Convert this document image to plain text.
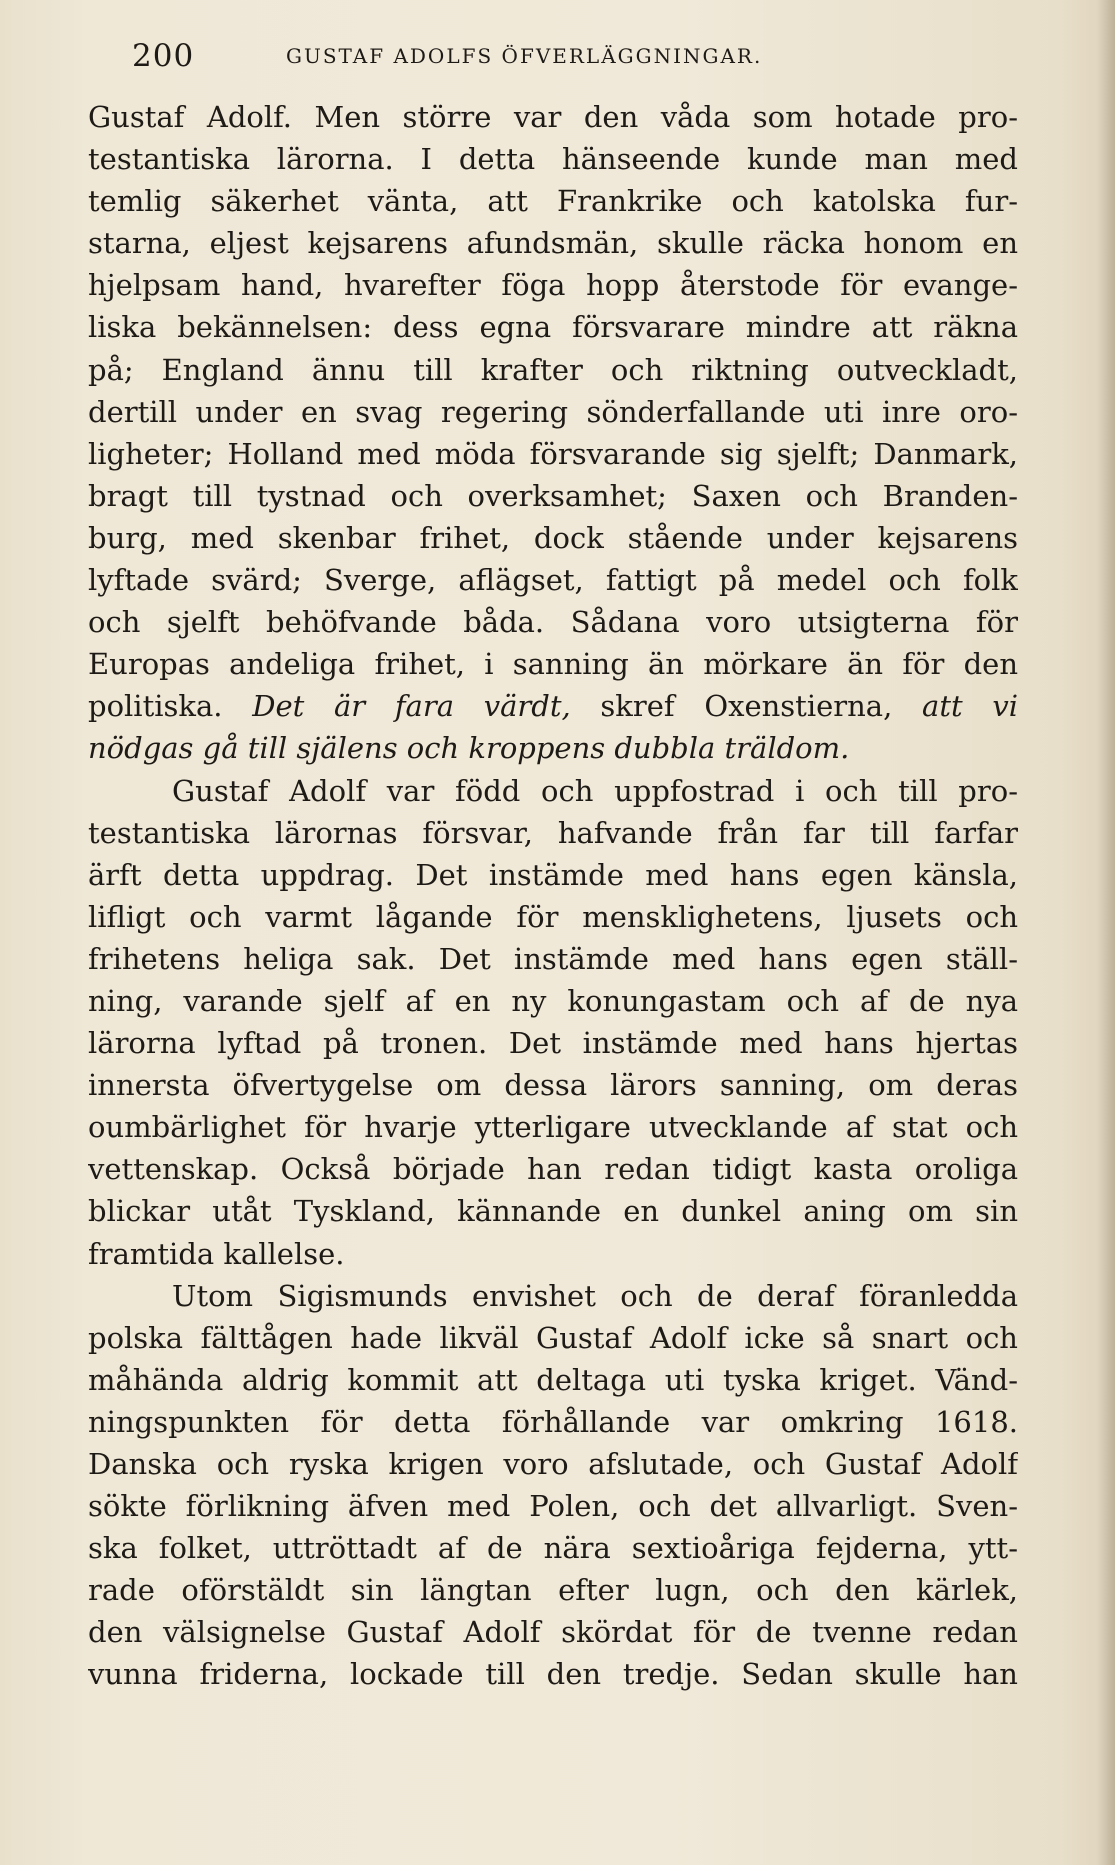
200	GUSTAF ADOLFS ÖFVERLÄGGNINGAR.
Gustaf Adolf. Men större var den våda som hotade pro-
testantiska lärorna. I detta hänseende kunde man med
temlig säkerhet vänta, att Frankrike och katolska fur-
starna, eljest kejsarens afundsmän, skulle räcka honom en
hjelpsam hand, hvarefter föga hopp återstode för evange-
liska bekännelsen: dess egna försvarare mindre att räkna
på; England ännu till krafter och riktning outveckladt,
dertill under en svag regering sönderfallande uti inre oro-
ligheter; Holland med möda försvarande sig sjelft; Danmark,
bragt till tystnad och overksamhet; Saxen och Branden-
burg, med skenbar frihet, dock stående under kejsarens
lyftade svärd; Sverge, aflägset, fattigt på medel och folk
och sjelft behöfvande båda. Sådana voro utsigterna för
Europas andeliga frihet, i sanning än mörkare än för den
politiska. Det är fara värdt, skref Oxenstierna, att vi
nödgas gå till själens och kroppens dubbla träldom.
Gustaf Adolf var född och uppfostrad i och till pro-
testantiska lärornas försvar, hafvande från far till farfar
ärft detta uppdrag. Det instämde med hans egen känsla,
lifligt och varmt lågande för mensklighetens, ljusets och
frihetens heliga sak. Det instämde med hans egen ställ-
ning, varande sjelf af en ny konungastam och af de nya
lärorna lyftad på tronen. Det instämde med hans hjertas
innersta öfvertygelse om dessa lärors sanning, om deras
oumbärlighet för hvarje ytterligare utvecklande af stat och
vettenskap. Också började han redan tidigt kasta oroliga
blickar utåt Tyskland, kännande en dunkel aning om sin
framtida kallelse.
Utom Sigismunds envishet och de deraf föranledda
polska fälttågen hade likväl Gustaf Adolf icke så snart och
måhända aldrig kommit att deltaga uti tyska kriget. Vänd-
ningspunkten för detta förhållande var omkring 1618.
Danska och ryska krigen voro afslutade, och Gustaf Adolf
sökte förlikning äfven med Polen, och det allvarligt. Sven-
ska folket, uttröttadt af de nära sextioåriga fejderna, ytt-
rade oförstäldt sin längtan efter lugn, och den kärlek,
den välsignelse Gustaf Adolf skördat för de tvenne redan
vunna friderna, lockade till den tredje. Sedan skulle han
